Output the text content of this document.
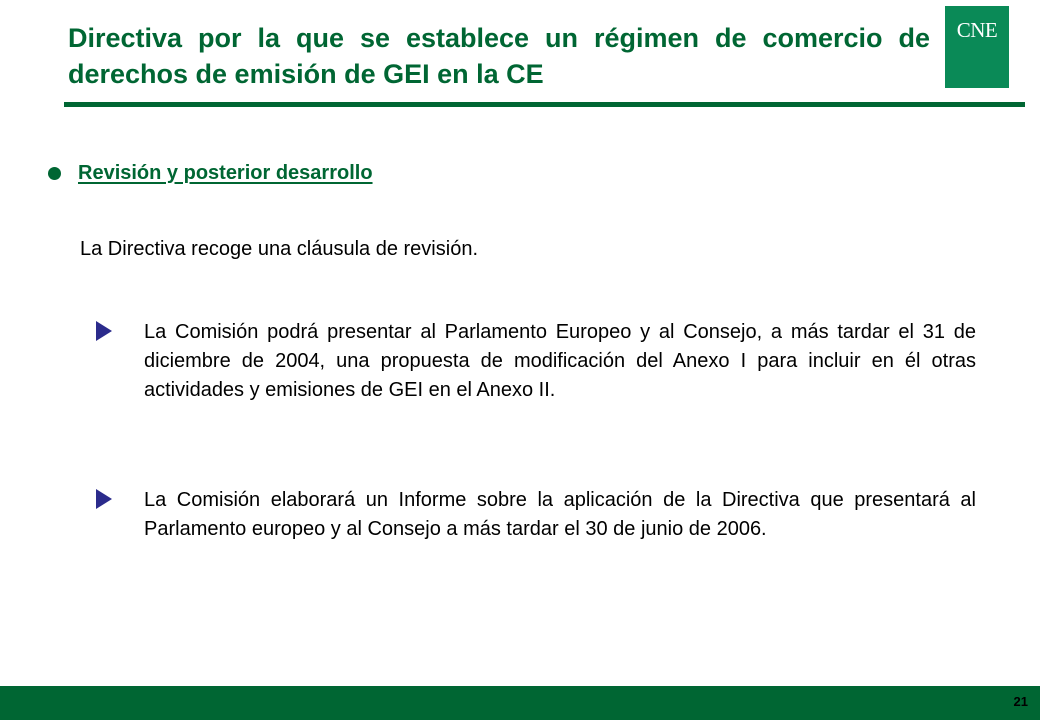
Directiva por la que se establece un régimen de comercio de derechos de emisión de GEI en la CE
CNE
Revisión y posterior desarrollo
La Directiva recoge una cláusula de revisión.
La Comisión podrá presentar al Parlamento Europeo y al Consejo, a más tardar el 31 de diciembre de 2004, una propuesta de modificación del Anexo I para incluir en él otras actividades y emisiones de GEI en el Anexo II.
La Comisión elaborará un Informe sobre la aplicación de la Directiva que presentará al Parlamento europeo y al Consejo a más tardar el 30 de junio de 2006.
21
